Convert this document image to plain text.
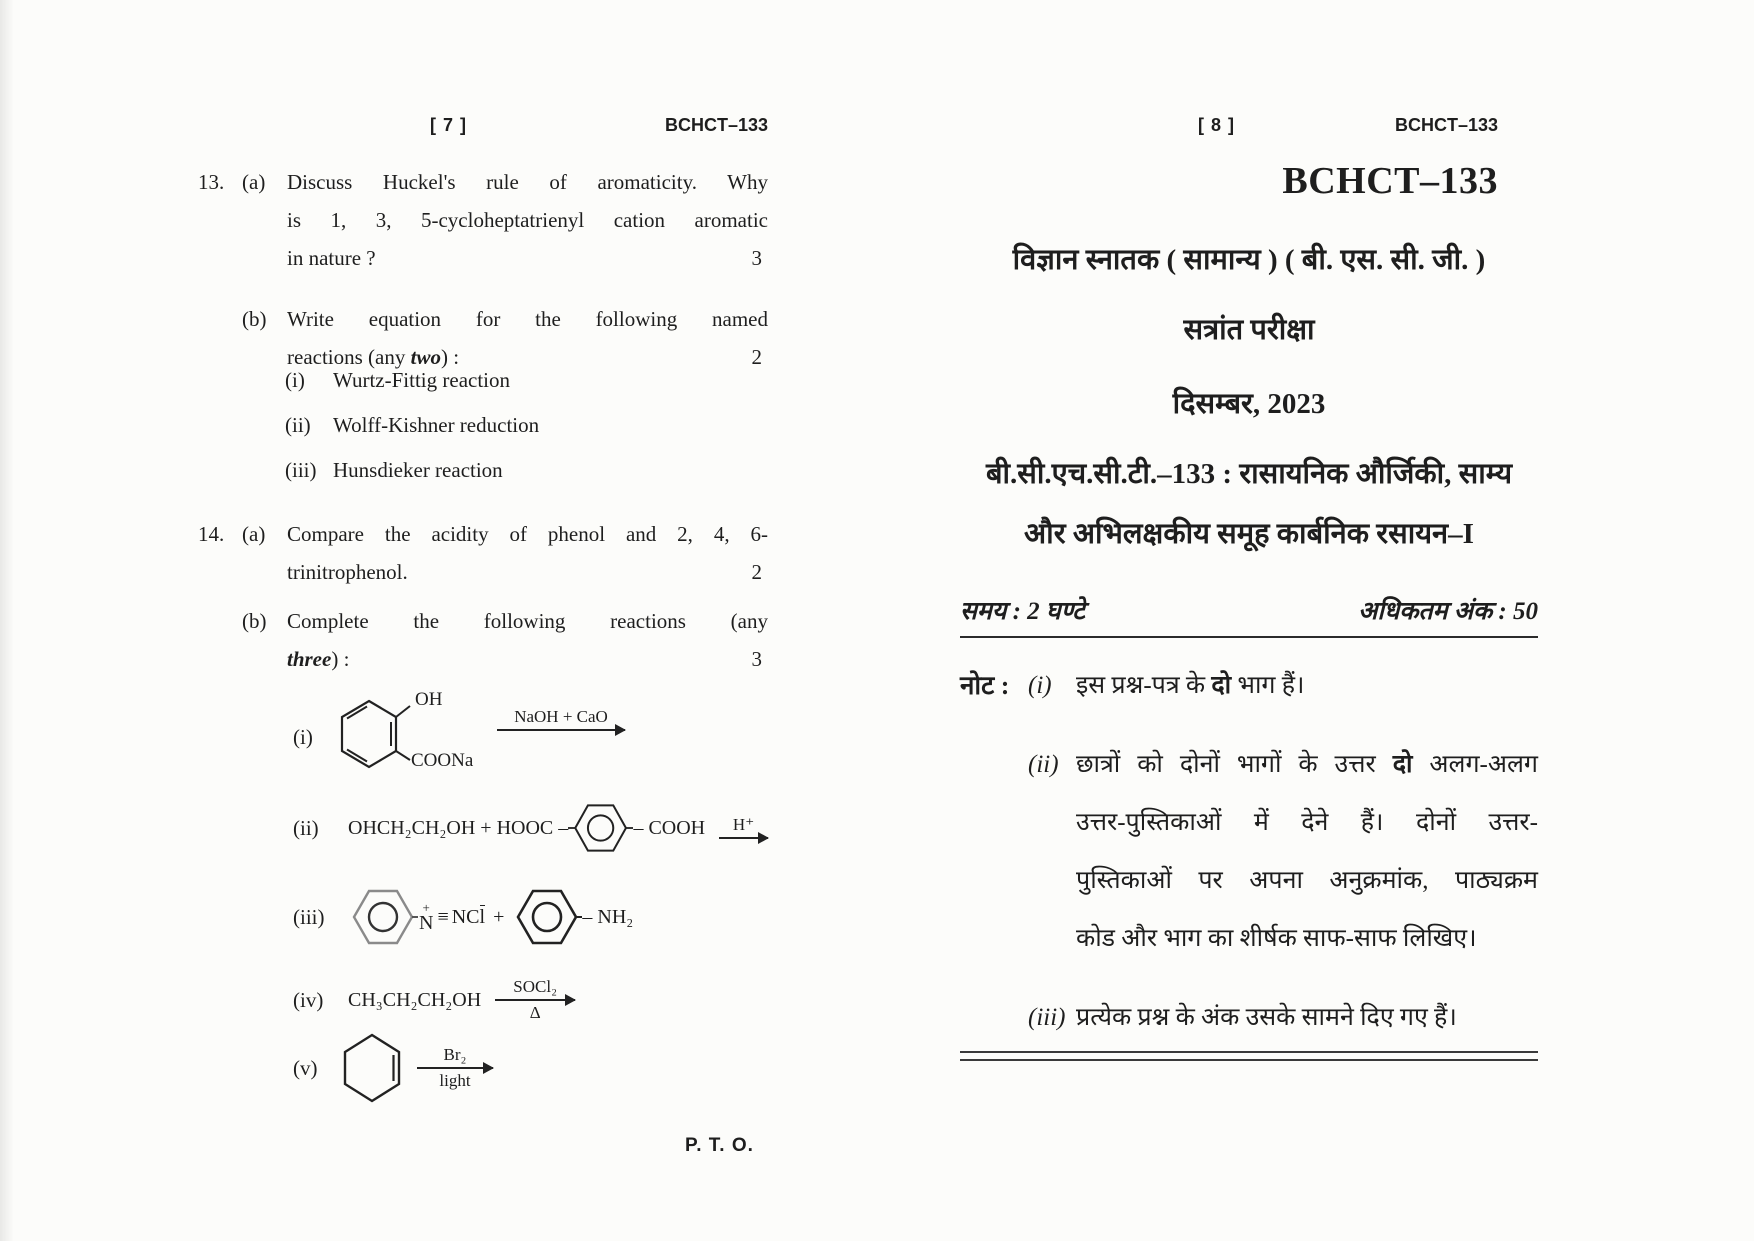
[ 7 ]	BCHCT–133
13. (a)	Discuss Huckel's rule of aromaticity. Why
is 1, 3, 5-cycloheptatrienyl cation aromatic
in nature ?	3
(b) Write equation for the following named
reactions (any two) :	2
(i)	Wurtz-Fittig reaction
(ii)	Wolff-Kishner reduction
(iii) Hunsdieker reaction
14. (a)	Compare the acidity of phenol and 2, 4, 6-
trinitrophenol.	2
(b) Complete the following reactions (any
three) :	3
(i)
OH
COONa
NaOH + CaO
(ii)	OHCH₂CH₂OH + HOOC –	– COOH H⁺
(iii)	+
N ≡ NCl +	– NH₂
(iv)	CH₃CH₂CH₂OH
SOCl₂
Δ
(v)
Br₂
light
P. T. O.
[ 8 ]	BCHCT–133
BCHCT–133
विज्ञान स्नातक ( सामान्य ) ( बी. एस. सी. जी. )
सत्रांत परीक्षा
दिसम्बर, 2023
बी.सी.एच.सी.टी.–133 : रासायनिक और्जिकी, साम्य
और अभिलक्षकीय समूह कार्बनिक रसायन–I
समय : 2 घण्टे	अधिकतम अंक : 50
नोट : (i) इस प्रश्न-पत्र के दो भाग हैं।
(ii) छात्रों को दोनों भागों के उत्तर दो अलग-अलग
उत्तर-पुस्तिकाओं में देने हैं। दोनों उत्तर-
पुस्तिकाओं पर अपना अनुक्रमांक, पाठ्यक्रम
कोड और भाग का शीर्षक साफ-साफ लिखिए।
(iii) प्रत्येक प्रश्न के अंक उसके सामने दिए गए हैं।
